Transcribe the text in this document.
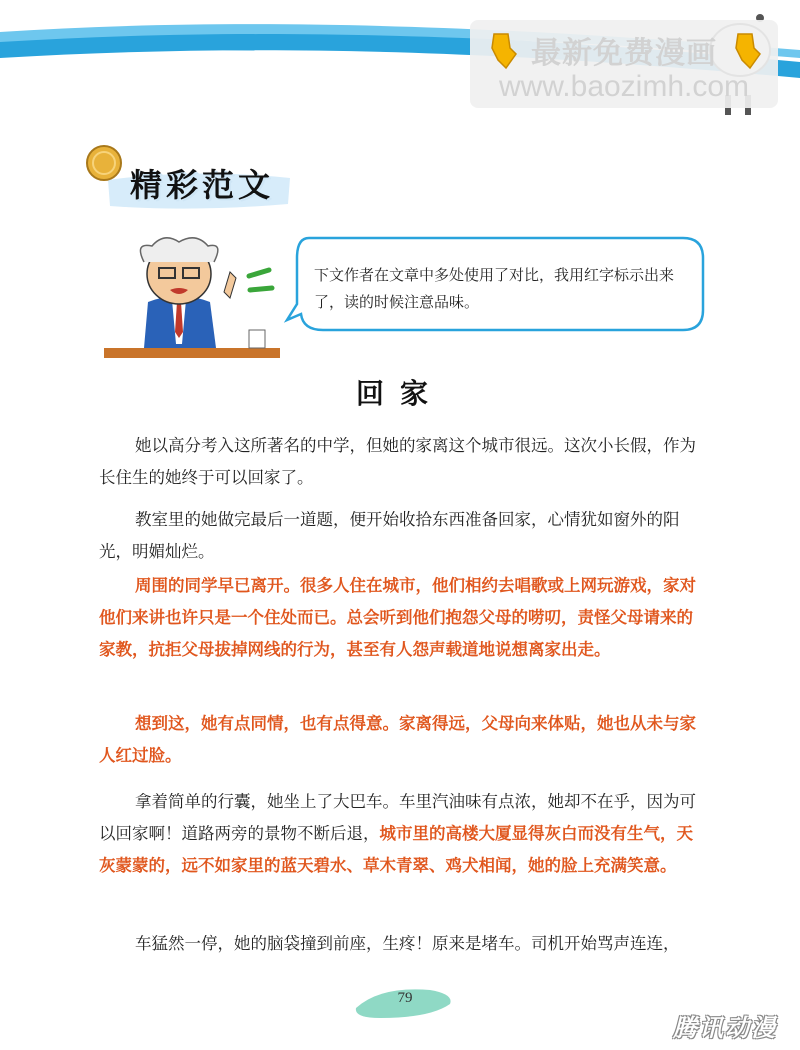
最新免费漫画
www.baozimh.com
精彩范文
下文作者在文章中多处使用了对比，我用红字标示出来了，读的时候注意品味。
回家

她以高分考入这所著名的中学，但她的家离这个城市很远。这次小长假，作为长住生的她终于可以回家了。

教室里的她做完最后一道题，便开始收拾东西准备回家，心情犹如窗外的阳光，明媚灿烂。

周围的同学早已离开。很多人住在城市，他们相约去唱歌或上网玩游戏，家对他们来讲也许只是一个住处而已。总会听到他们抱怨父母的唠叨，责怪父母请来的家教，抗拒父母拔掉网线的行为，甚至有人怨声载道地说想离家出走。

想到这，她有点同情，也有点得意。家离得远，父母向来体贴，她也从未与家人红过脸。

拿着简单的行囊，她坐上了大巴车。车里汽油味有点浓，她却不在乎，因为可以回家啊！道路两旁的景物不断后退，城市里的高楼大厦显得灰白而没有生气，天灰蒙蒙的，远不如家里的蓝天碧水、草木青翠、鸡犬相闻，她的脸上充满笑意。

车猛然一停，她的脑袋撞到前座，生疼！原来是堵车。司机开始骂声连连，

79
腾讯动漫
